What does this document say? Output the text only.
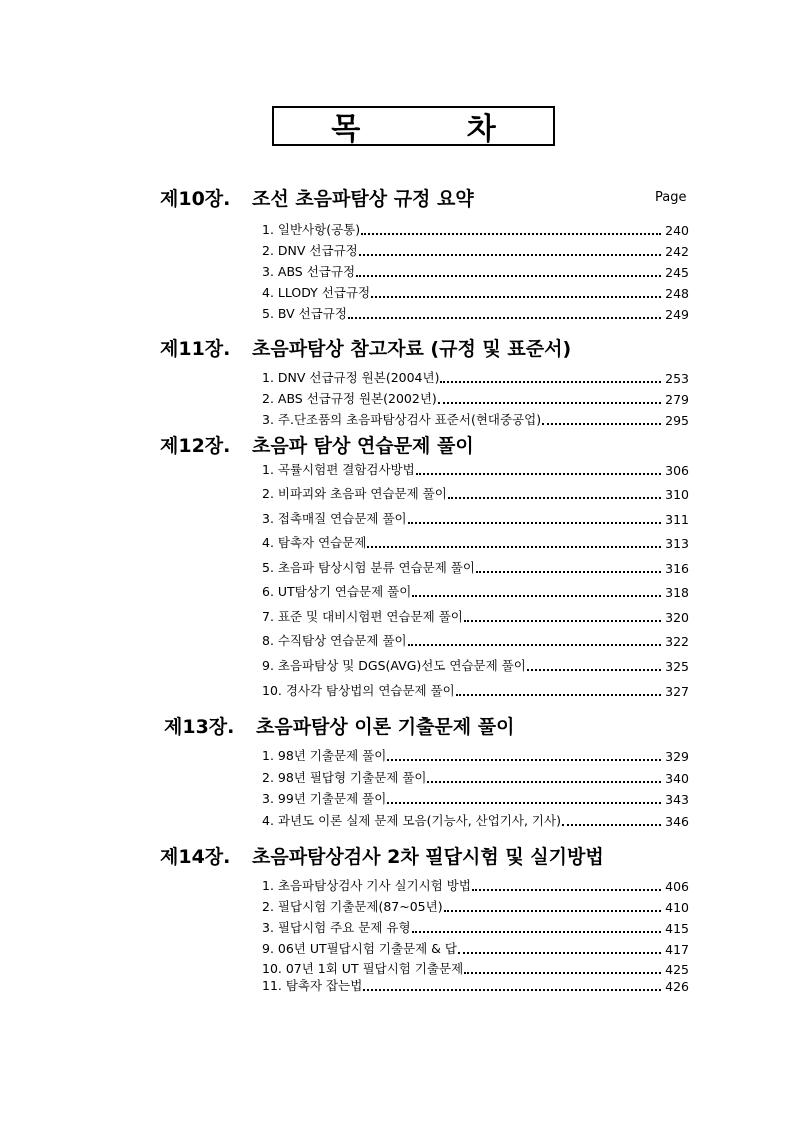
목 차
Page
제10장. 조선 초음파탐상 규정 요약
1. 일반사항(공통)	240
2. DNV 선급규정	242
3. ABS 선급규정	245
4. LLODY 선급규정	248
5. BV 선급규정	249
제11장. 초음파탐상 참고자료 (규정 및 표준서)
1. DNV 선급규정 원본(2004년)	253
2. ABS 선급규정 원본(2002년)	279
3. 주.단조품의 초음파탐상검사 표준서(현대중공업)	295
제12장. 초음파 탐상 연습문제 풀이
1. 곡률시험편 결함검사방법	306
2. 비파괴와 초음파 연습문제 풀이	310
3. 접촉매질 연습문제 풀이	311
4. 탐촉자 연습문제	313
5. 초음파 탐상시험 분류 연습문제 풀이	316
6. UT탐상기 연습문제 풀이	318
7. 표준 및 대비시험편 연습문제 풀이	320
8. 수직탐상 연습문제 풀이	322
9. 초음파탐상 및 DGS(AVG)선도 연습문제 풀이	325
10. 경사각 탐상법의 연습문제 풀이	327
제13장. 초음파탐상 이론 기출문제 풀이
1. 98년 기출문제 풀이	329
2. 98년 필답형 기출문제 풀이	340
3. 99년 기출문제 풀이	343
4. 과년도 이론 실제 문제 모음(기능사, 산업기사, 기사)	346
제14장. 초음파탐상검사 2차 필답시험 및 실기방법
1. 초음파탐상검사 기사 실기시험 방법	406
2. 필답시험 기출문제(87~05년)	410
3. 필답시험 주요 문제 유형	415
9. 06년 UT필답시험 기출문제 & 답	417
10. 07년 1회 UT 필답시험 기출문제	425
11. 탐촉자 잡는법	426
